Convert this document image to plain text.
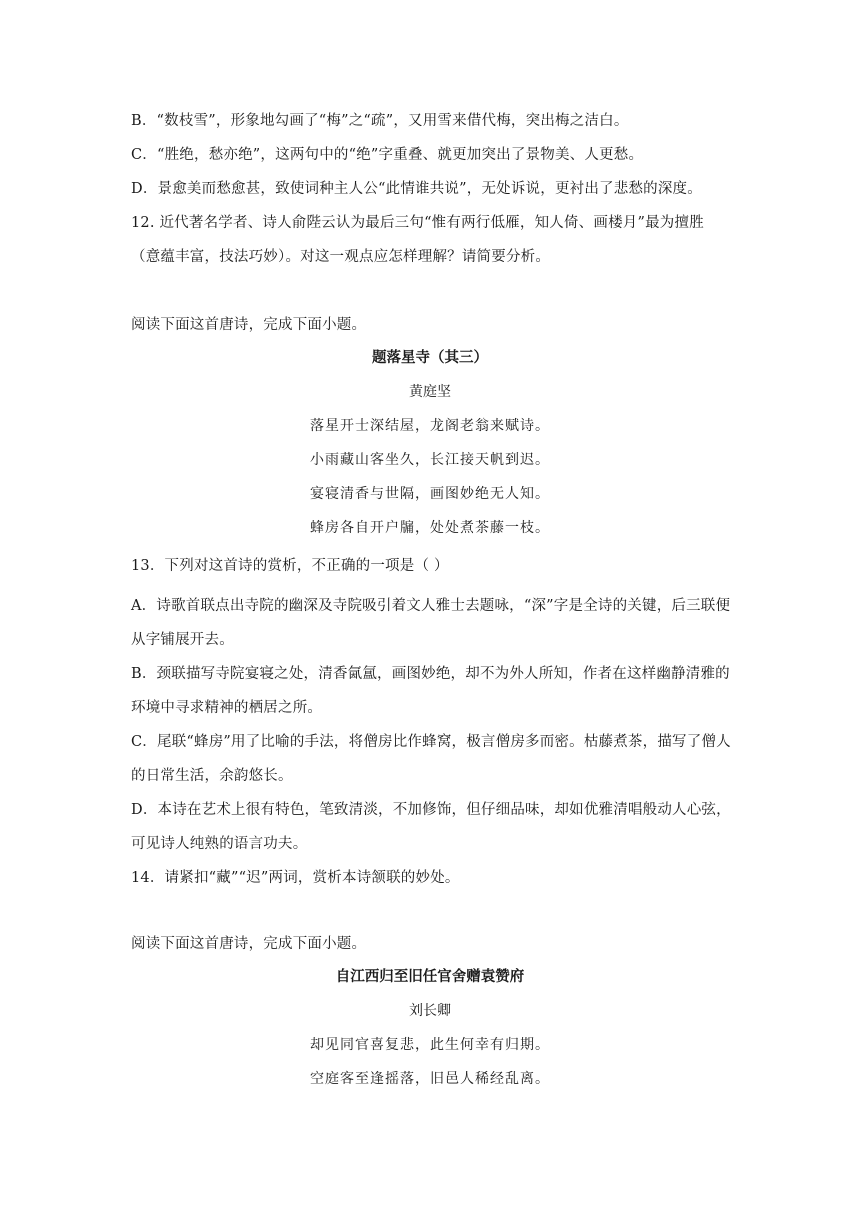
B．“数枝雪”，形象地勾画了“梅”之“疏”，又用雪来借代梅，突出梅之洁白。
C．“胜绝，愁亦绝”，这两句中的“绝”字重叠、就更加突出了景物美、人更愁。
D．景愈美而愁愈甚，致使词种主人公“此情谁共说”，无处诉说，更衬出了悲愁的深度。
12. 近代著名学者、诗人俞陛云认为最后三句“惟有两行低雁，知人倚、画楼月”最为擅胜（意蕴丰富，技法巧妙）。对这一观点应怎样理解？请简要分析。
阅读下面这首唐诗，完成下面小题。
题落星寺（其三）
黄庭坚
落星开士深结屋，龙阁老翁来赋诗。
小雨藏山客坐久，长江接天帆到迟。
宴寝清香与世隔，画图妙绝无人知。
蜂房各自开户牖，处处煮茶藤一枝。
13．下列对这首诗的赏析，不正确的一项是（ ）
A．诗歌首联点出寺院的幽深及寺院吸引着文人雅士去题咏，“深”字是全诗的关键，后三联便从字铺展开去。
B．颈联描写寺院宴寝之处，清香氤氲，画图妙绝，却不为外人所知，作者在这样幽静清雅的环境中寻求精神的栖居之所。
C．尾联“蜂房”用了比喻的手法，将僧房比作蜂窝，极言僧房多而密。枯藤煮茶，描写了僧人的日常生活，余韵悠长。
D．本诗在艺术上很有特色，笔致清淡，不加修饰，但仔细品味，却如优雅清唱般动人心弦，可见诗人纯熟的语言功夫。
14．请紧扣“藏”“迟”两词，赏析本诗颔联的妙处。
阅读下面这首唐诗，完成下面小题。
自江西归至旧任官舍赠袁赞府
刘长卿
却见同官喜复悲，此生何幸有归期。
空庭客至逢摇落，旧邑人稀经乱离。
